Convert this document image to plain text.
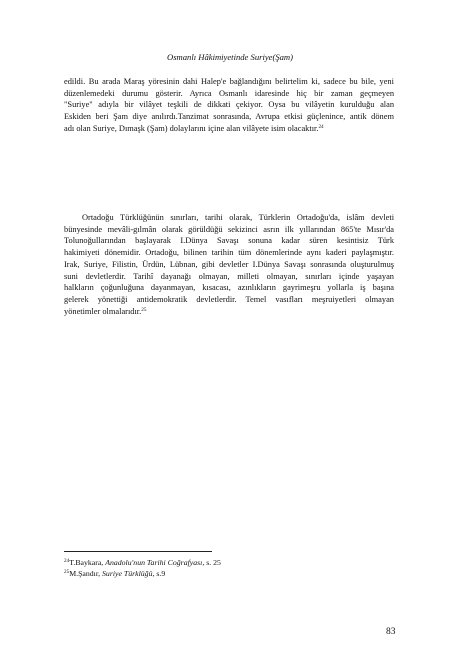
Osmanlı Hâkimiyetinde Suriye(Şam)
edildi. Bu arada Maraş yöresinin dahi Halep'e bağlandığını belirtelim ki, sadece bu bile, yeni
düzenlemedeki durumu gösterir. Ayrıca Osmanlı idaresinde hiç bir zaman geçmeyen
"Suriye" adıyla bir vilâyet teşkili de dikkati çekiyor. Oysa bu vilâyetin kurulduğu alan
Eskiden beri Şam diye anılırdı.Tanzimat sonrasında, Avrupa etkisi güçlenince, antik dönem
adı olan Suriye, Dımaşk (Şam) dolaylarını içine alan vilâyete isim olacaktır.$^{24}$
Ortadoğu Türklüğünün sınırları, tarihi olarak, Türklerin Ortadoğu'da, islâm devleti
bünyesinde mevâli-gılmân olarak görüldüğü sekizinci asrın ilk yıllarından 865'te Mısır'da
Tolunoğullarından başlayarak I.Dünya Savaşı sonuna kadar süren kesintisiz Türk
hakimiyeti dönemidir. Ortadoğu, bilinen tarihin tüm dönemlerinde aynı kaderi paylaşmıştır.
Irak, Suriye, Filistin, Ürdün, Lübnan, gibi devletler I.Dünya Savaşı sonrasında oluşturulmuş
suni devletlerdir. Tarihî dayanağı olmayan, milleti olmayan, sınırları içinde yaşayan
halkların çoğunluğuna dayanmayan, kısacası, azınlıkların gayrimeşru yollarla iş başına
gelerek yönettiği antidemokratik devletlerdir. Temel vasıfları meşruiyetleri olmayan
yönetimler olmalarıdır.$^{25}$
$^{24}$T.Baykara, Anadolu'nun Tarihi Coğrafyası, s. 25
$^{25}$M.Şandır, Suriye Türklüğü, s.9
83
